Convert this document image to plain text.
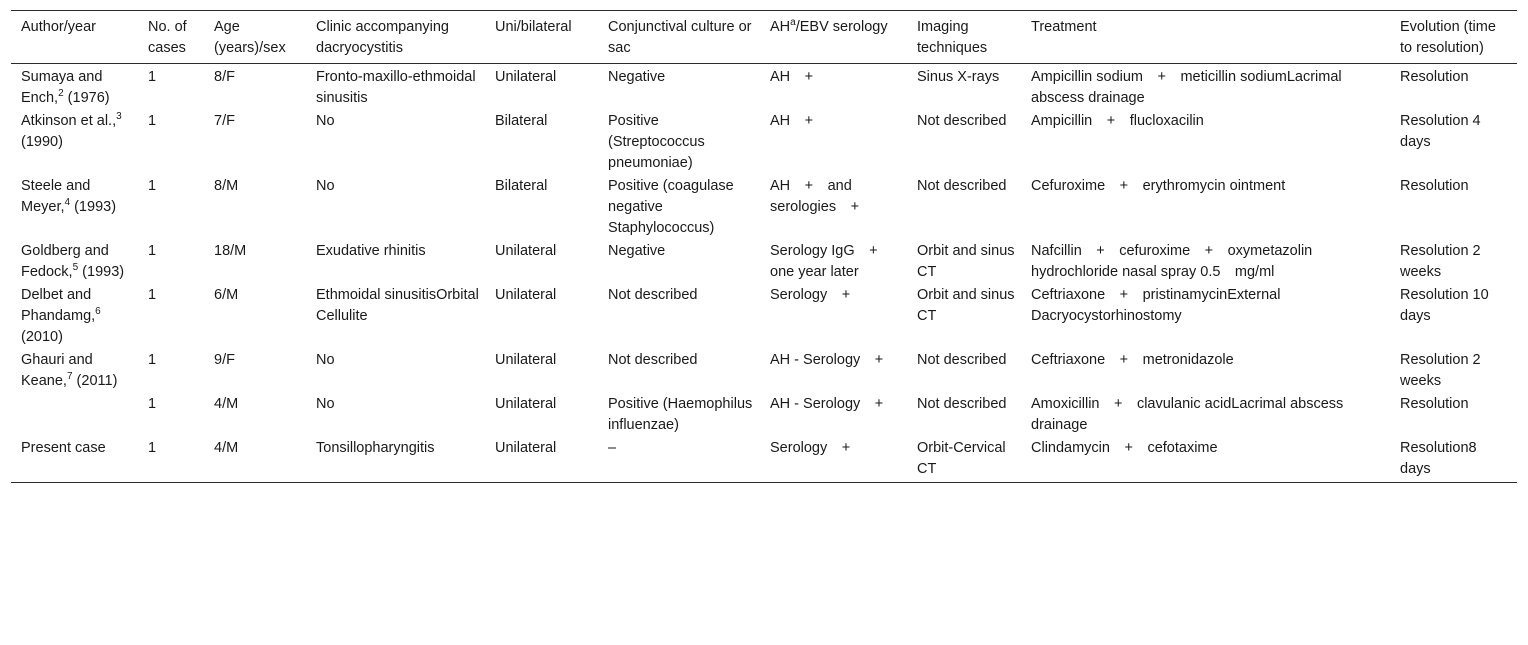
Author/year	No. of cases	Age (years)/sex	Clinic accompanying dacryocystitis	Uni/bilateral	Conjunctival culture or sac	$AH^a$/EBV serology	Imaging techniques	Treatment	Evolution (time to resolution)
Sumaya and Ench,$^2$ (1976)	1	8/F	Fronto-maxillo-ethmoidal sinusitis	Unilateral	Negative	AH +	Sinus X-rays	Ampicillin sodium + meticillin sodiumLacrimal abscess drainage	Resolution
Atkinson et al.,$^3$ (1990)	1	7/F	No	Bilateral	Positive (Streptococcus pneumoniae)	AH +	Not described	Ampicillin + flucloxacilin	Resolution 4 days
Steele and Meyer,$^4$ (1993)	1	8/M	No	Bilateral	Positive (coagulase negative Staphylococcus)	AH + and serologies +	Not described	Cefuroxime + erythromycin ointment	Resolution
Goldberg and Fedock,$^5$ (1993)	1	18/M	Exudative rhinitis	Unilateral	Negative	Serology IgG + one year later	Orbit and sinus CT	Nafcillin + cefuroxime + oxymetazolin hydrochloride nasal spray 0.5 mg/ml	Resolution 2 weeks
Delbet and Phandamg,$^6$ (2010)	1	6/M	Ethmoidal sinusitisOrbital Cellulite	Unilateral	Not described	Serology +	Orbit and sinus CT	Ceftriaxone + pristinamycinExternal Dacryocystorhinostomy	Resolution 10 days
Ghauri and Keane,$^7$ (2011)	1	9/F	No	Unilateral	Not described	AH - Serology +	Not described	Ceftriaxone + metronidazole	Resolution 2 weeks
	1	4/M	No	Unilateral	Positive (Haemophilus influenzae)	AH - Serology +	Not described	Amoxicillin + clavulanic acidLacrimal abscess drainage	Resolution
Present case	1	4/M	Tonsillopharyngitis	Unilateral	–	Serology +	Orbit-Cervical CT	Clindamycin + cefotaxime	Resolution8 days
